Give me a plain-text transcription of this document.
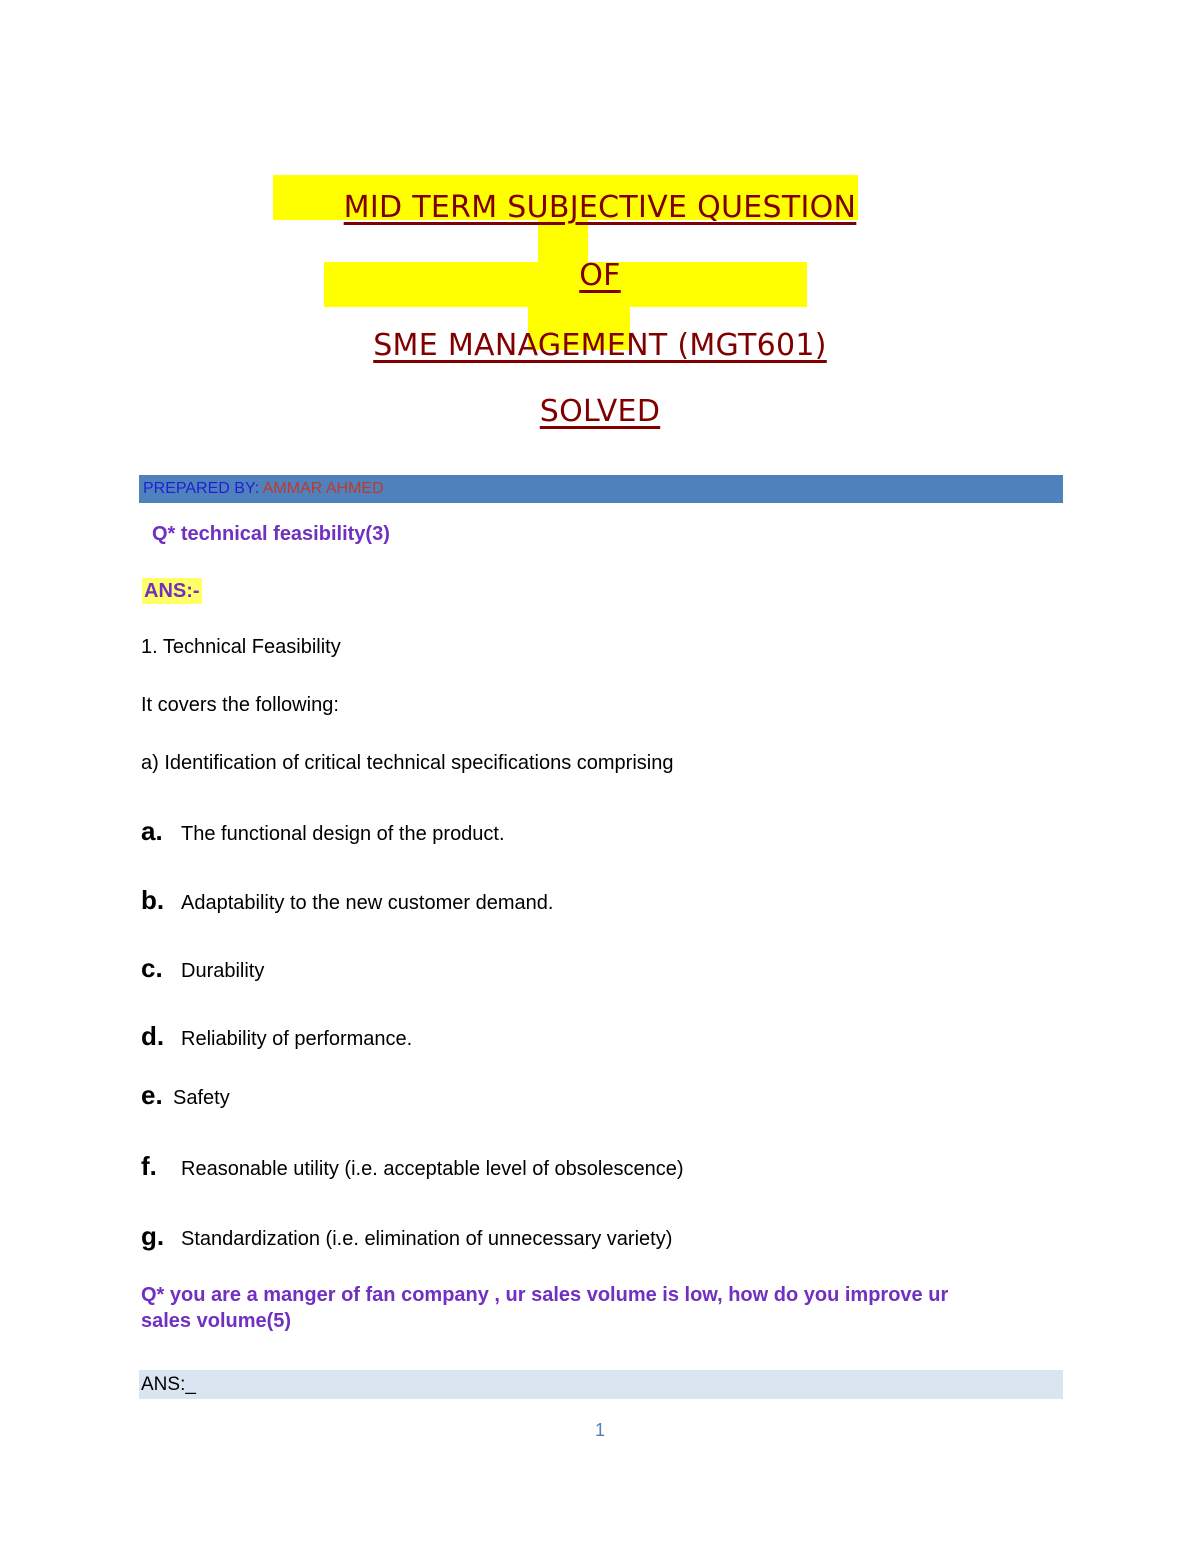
MID TERM SUBJECTIVE QUESTION
OF
SME MANAGEMENT (MGT601)
SOLVED
PREPARED BY: AMMAR AHMED
Q* technical feasibility(3)
ANS:-
1. Technical Feasibility
It covers the following:
a) Identification of critical technical specifications comprising
a. The functional design of the product.
b. Adaptability to the new customer demand.
c. Durability
d. Reliability of performance.
e. Safety
f. Reasonable utility (i.e. acceptable level of obsolescence)
g. Standardization (i.e. elimination of unnecessary variety)
Q* you are a manger of fan company , ur sales volume is low, how do you improve ur
sales volume(5)
ANS:_
1
